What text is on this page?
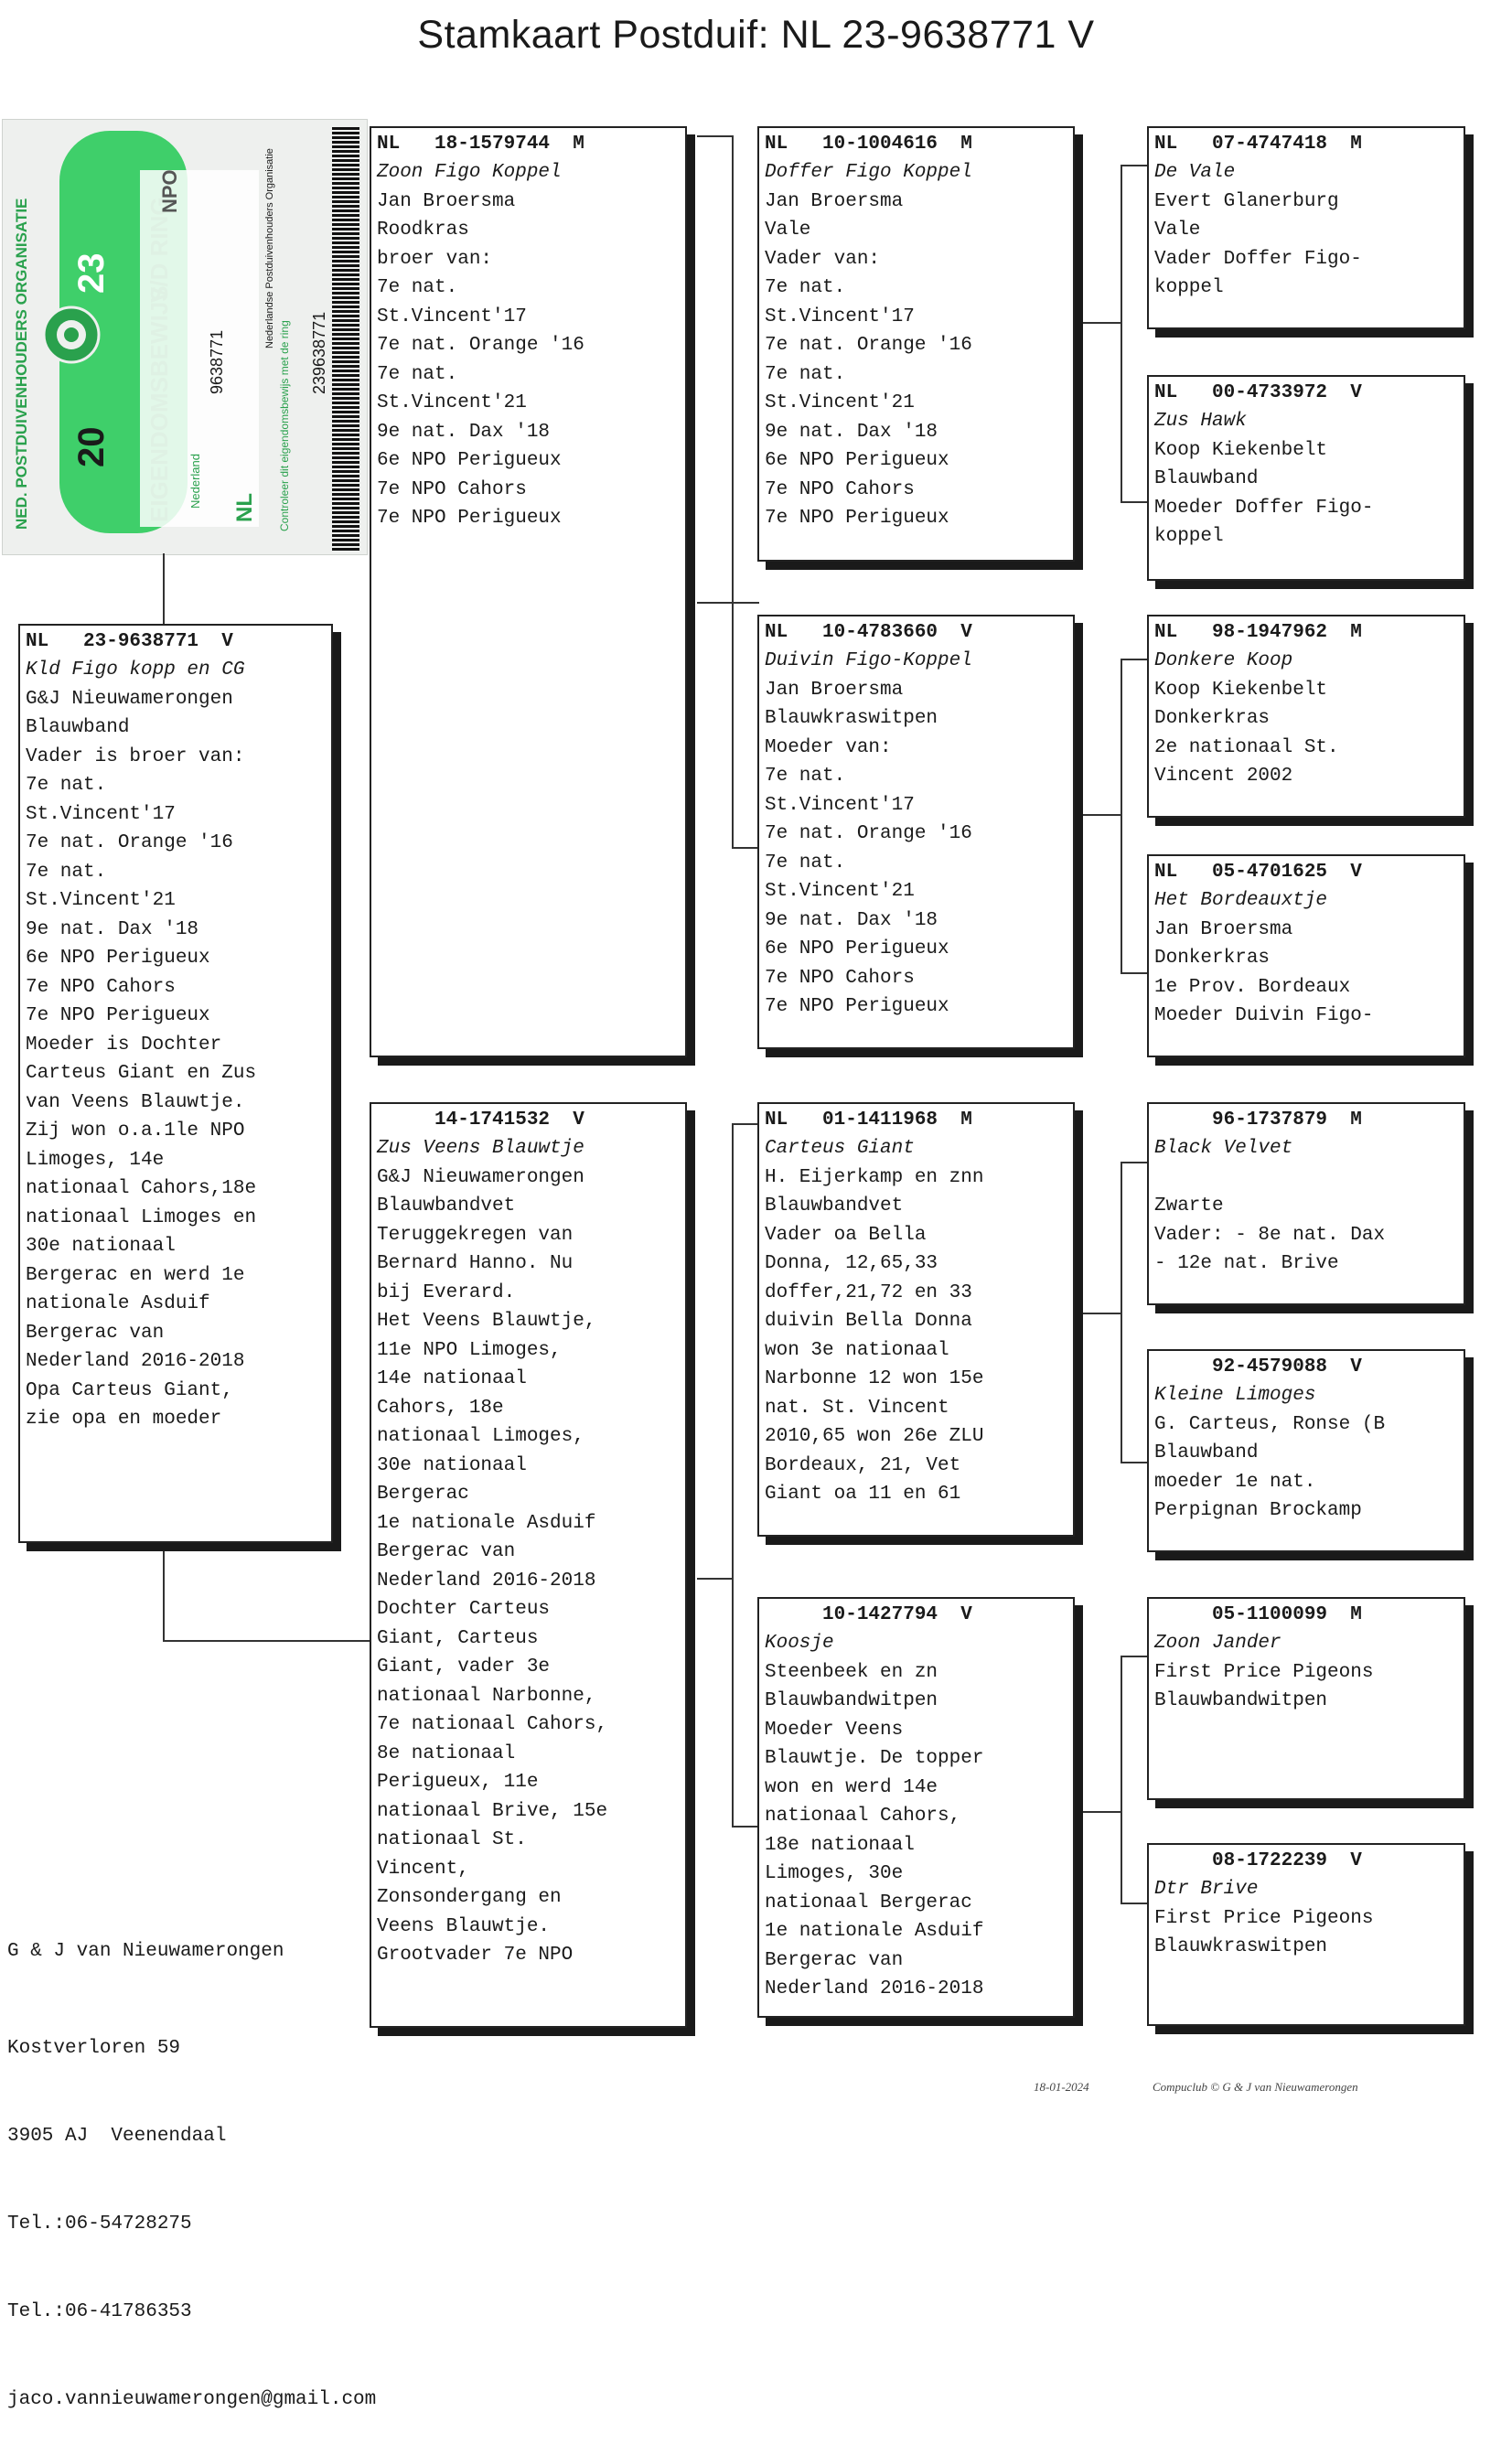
Stamkaart Postduif: NL 23-9638771 V
NED. POSTDUIVENHOUDERS ORGANISATIE 23
20
NL
9638771
Nederland
NPO	Nederlandse Postduivenhouders Organisatie
Controleer dit eigendomsbewijs met de ring 239638771
NL   23-9638771  V
Kld Figo kopp en CG
G&J Nieuwamerongen
Blauwband
Vader is broer van:
7e nat.
St.Vincent'17
7e nat. Orange '16
7e nat.
St.Vincent'21
9e nat. Dax '18
6e NPO Perigueux
7e NPO Cahors
7e NPO Perigueux
Moeder is Dochter
Carteus Giant en Zus
van Veens Blauwtje.
Zij won o.a.1le NPO
Limoges, 14e
nationaal Cahors,18e
nationaal Limoges en
30e nationaal
Bergerac en werd 1e
nationale Asduif
Bergerac van
Nederland 2016-2018
Opa Carteus Giant,
zie opa en moeder
NL   18-1579744  M
Zoon Figo Koppel
Jan Broersma
Roodkras
broer van:
7e nat.
St.Vincent'17
7e nat. Orange '16
7e nat.
St.Vincent'21
9e nat. Dax '18
6e NPO Perigueux
7e NPO Cahors
7e NPO Perigueux
14-1741532  V
Zus Veens Blauwtje
G&J Nieuwamerongen
Blauwbandvet
Teruggekregen van
Bernard Hanno. Nu
bij Everard.
Het Veens Blauwtje,
11e NPO Limoges,
14e nationaal
Cahors, 18e
nationaal Limoges,
30e nationaal
Bergerac
1e nationale Asduif
Bergerac van
Nederland 2016-2018
Dochter Carteus
Giant, Carteus
Giant, vader 3e
nationaal Narbonne,
7e nationaal Cahors,
8e nationaal
Perigueux, 11e
nationaal Brive, 15e
nationaal St.
Vincent,
Zonsondergang en
Veens Blauwtje.
Grootvader 7e NPO
NL   10-1004616  M
Doffer Figo Koppel
Jan Broersma
Vale
Vader van:
7e nat.
St.Vincent'17
7e nat. Orange '16
7e nat.
St.Vincent'21
9e nat. Dax '18
6e NPO Perigueux
7e NPO Cahors
7e NPO Perigueux
NL   10-4783660  V
Duivin Figo-Koppel
Jan Broersma
Blauwkraswitpen
Moeder van:
7e nat.
St.Vincent'17
7e nat. Orange '16
7e nat.
St.Vincent'21
9e nat. Dax '18
6e NPO Perigueux
7e NPO Cahors
7e NPO Perigueux
NL   01-1411968  M
Carteus Giant
H. Eijerkamp en znn
Blauwbandvet
Vader oa Bella
Donna, 12,65,33
doffer,21,72 en 33
duivin Bella Donna
won 3e nationaal
Narbonne 12 won 15e
nat. St. Vincent
2010,65 won 26e ZLU
Bordeaux, 21, Vet
Giant oa 11 en 61
10-1427794  V
Koosje
Steenbeek en zn
Blauwbandwitpen
Moeder Veens
Blauwtje. De topper
won en werd 14e
nationaal Cahors,
18e nationaal
Limoges, 30e
nationaal Bergerac
1e nationale Asduif
Bergerac van
Nederland 2016-2018
NL   07-4747418  M
De Vale
Evert Glanerburg
Vale
Vader Doffer Figo-
koppel
NL   00-4733972  V
Zus Hawk
Koop Kiekenbelt
Blauwband
Moeder Doffer Figo-
koppel
NL   98-1947962  M
Donkere Koop
Koop Kiekenbelt
Donkerkras
2e nationaal St.
Vincent 2002
NL   05-4701625  V
Het Bordeauxtje
Jan Broersma
Donkerkras
1e Prov. Bordeaux
Moeder Duivin Figo-
96-1737879  M
Black Velvet

Zwarte
Vader: - 8e nat. Dax
- 12e nat. Brive
92-4579088  V
Kleine Limoges
G. Carteus, Ronse (B
Blauwband
moeder 1e nat.
Perpignan Brockamp
05-1100099  M
Zoon Jander
First Price Pigeons
Blauwbandwitpen
08-1722239  V
Dtr Brive
First Price Pigeons
Blauwkraswitpen

G & J van Nieuwamerongen

Kostverloren 59

3905 AJ  Veenendaal

Tel.:06-54728275

Tel.:06-41786353

jaco.vannieuwamerongen@gmail.com

18-01-2024	Compuclub © G & J van Nieuwamerongen
